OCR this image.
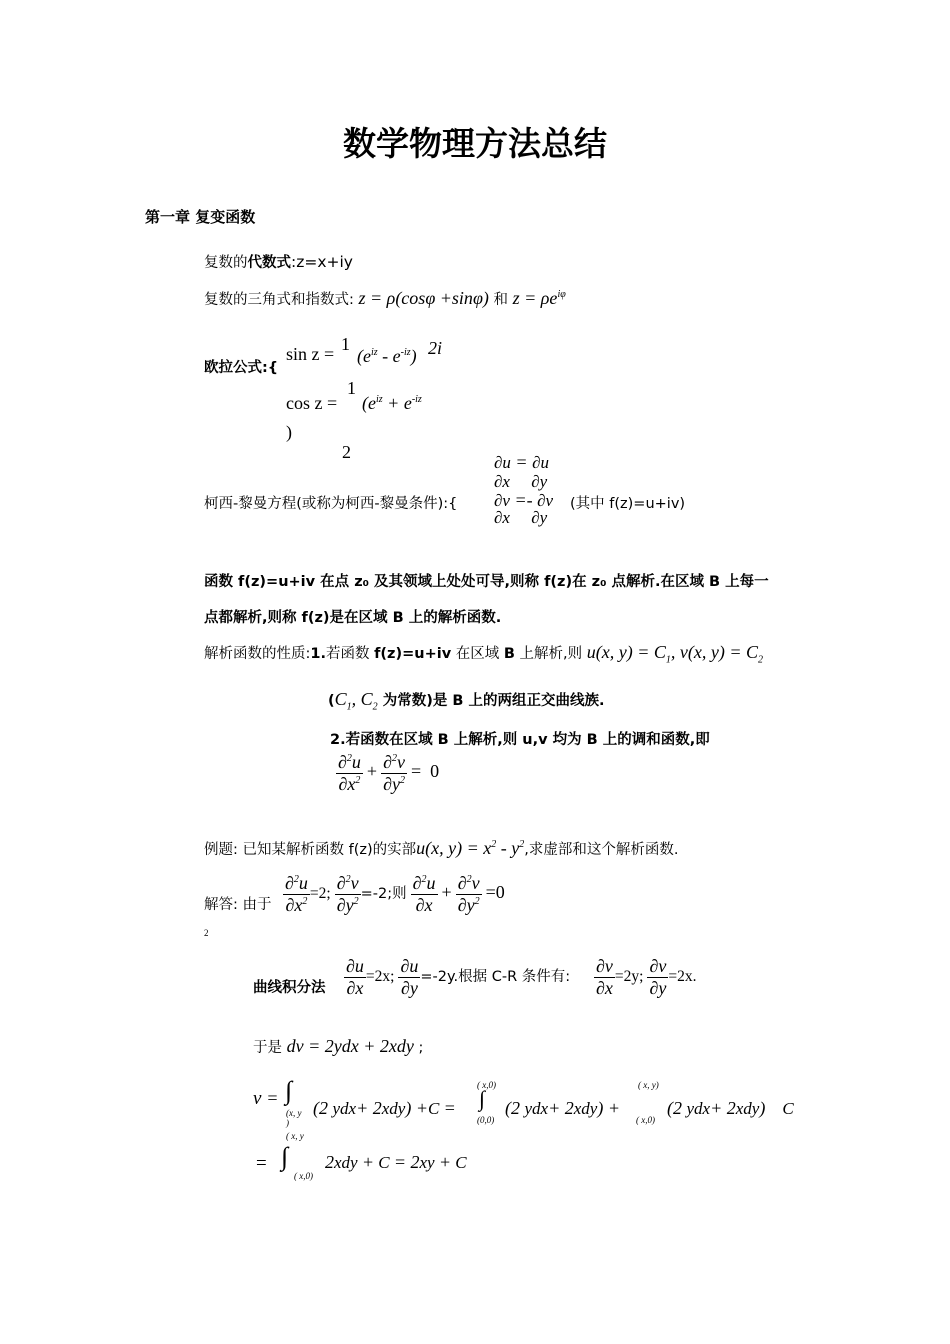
数学物理方法总结
第一章 复变函数
复数的代数式:z=x+iy
复数的三角式和指数式: z = ρ(cosφ +sinφ) 和 $z = \rho e^{i\varphi}$
欧拉公式:{
sin z = 1
$(e^{iz} - e^{-iz})$ 2i
cos z =
1
($e^{iz} + e^{-iz}$
)
2
柯西-黎曼方程(或称为柯西-黎曼条件):{
∂u = ∂u
∂x     ∂y
∂v =- ∂v
∂x     ∂y
(其中 f(z)=u+iv)
函数 f(z)=u+iv 在点 z₀ 及其领域上处处可导,则称 f(z)在 z₀ 点解析.在区域 B 上每一
点都解析,则称 f(z)是在区域 B 上的解析函数.
解析函数的性质:1.若函数 f(z)=u+iv 在区域 B 上解析,则 u(x, $y) = C_1$, v(x, $y) = C_2$
($C_1$, $C_2$ 为常数)是 B 上的两组正交曲线族.
2.若函数在区域 B 上解析,则 u,v 均为 B 上的调和函数,即
$\frac{\partial^2u}{\partial x^2} + \frac{\partial^2v}{\partial y^2} = 0$
例题: 已知某解析函数 f(z)的实部u(x, $y) = x^2 - y^2$,求虚部和这个解析函数.
解答: 由于 $\frac{\partial^2u}{\partial x^2} =2$; $\frac{\partial^2v}{\partial y^2} =-2$;则 $\frac{\partial^2u}{\partial x} + \frac{\partial^2v}{\partial y^2} =0$
2
曲线积分法 $\frac{\partial u}{\partial x} =2x$; $\frac{\partial u}{\partial y} =-2y$.根据 C-R 条件有: $\frac{\partial v}{\partial x} =2y$; $\frac{\partial v}{\partial y} =2x$.
于是 dv = 2ydx + 2xdy ;
v = ∫
(x, y
)
(2 ydx+ 2xdy) +C =
( x,0)
∫
(0,0)
(2 ydx+ 2xdy) +
( x, y)
( x,0)
(2 ydx+ 2xdy)    C
( x, y
= ∫
( x,0)
2xdy + C = 2xy + C
